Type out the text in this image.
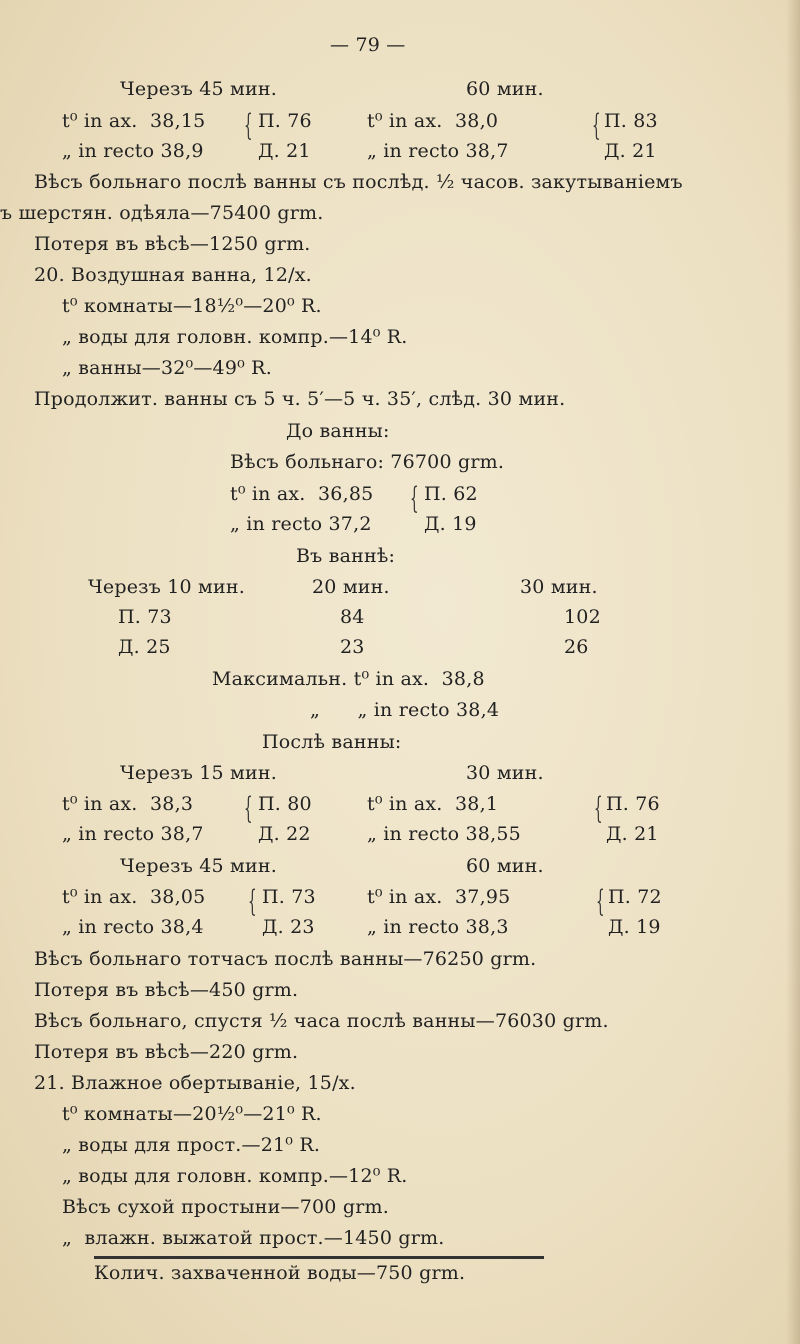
— 79 —
Черезъ 45 мин.	60 мин.
t⁰ in ах.  38,15 { П. 76	t⁰ in ах.  38,0	{ П. 83
„ in recto 38,9	Д. 21	„ in recto 38,7	Д. 21
Вѣсъ больнаго послѣ ванны съ послѣд. ½ часов. закутываніемъ
ъ шерстян. одѣяла—75400 grm.
Потеря въ вѣсѣ—1250 grm.
20. Воздушная ванна, 12/х.
t⁰ комнаты—18½⁰—20⁰ R.
„ воды для головн. компр.—14⁰ R.
„ ванны—32⁰—49⁰ R.
Продолжит. ванны съ 5 ч. 5′—5 ч. 35′, слѣд. 30 мин.
До ванны:
Вѣсъ больнаго: 76700 grm.
t⁰ in ах.  36,85 { П. 62
„ in recto 37,2	Д. 19
Въ ваннѣ:
Черезъ 10 мин.	20 мин.	30 мин.
П. 73	84	102
Д. 25	23	26
Максимальн. t⁰ in ах.  38,8
„      „ in recto 38,4
Послѣ ванны:
Черезъ 15 мин.	30 мин.
t⁰ in ах.  38,3 { П. 80	t⁰ in ах.  38,1	{ П. 76
„ in recto 38,7	Д. 22	„ in recto 38,55	Д. 21
Черезъ 45 мин.	60 мин.
t⁰ in ах.  38,05 { П. 73	t⁰ in ах.  37,95	{ П. 72
„ in recto 38,4	Д. 23	„ in recto 38,3	Д. 19
Вѣсъ больнаго тотчасъ послѣ ванны—76250 grm.
Потеря въ вѣсѣ—450 grm.
Вѣсъ больнаго, спустя ½ часа послѣ ванны—76030 grm.
Потеря въ вѣсѣ—220 grm.
21. Влажное обертываніе, 15/х.
t⁰ комнаты—20½⁰—21⁰ R.
„ воды для прост.—21⁰ R.
„ воды для головн. компр.—12⁰ R.
Вѣсъ сухой простыни—700 grm.
„  влажн. выжатой прост.—1450 grm.
Колич. захваченной воды—750 grm.
